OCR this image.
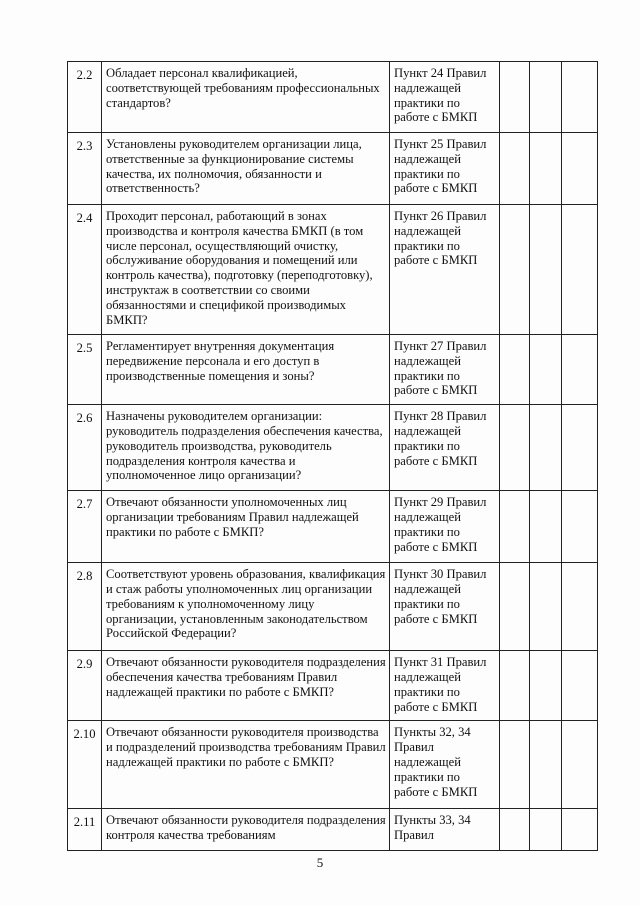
2.2	Обладает персонал квалификацией, соответствующей требованиям профессиональных стандартов?	Пункт 24 Правил надлежащей практики по работе с БМКП			
2.3	Установлены руководителем организации лица, ответственные за функционирование системы качества, их полномочия, обязанности и ответственность?	Пункт 25 Правил надлежащей практики по работе с БМКП			
2.4	Проходит персонал, работающий в зонах производства и контроля качества БМКП (в том числе персонал, осуществляющий очистку, обслуживание оборудования и помещений или контроль качества), подготовку (переподготовку), инструктаж в соответствии со своими обязанностями и спецификой производимых БМКП?	Пункт 26 Правил надлежащей практики по работе с БМКП			
2.5	Регламентирует внутренняя документация передвижение персонала и его доступ в производственные помещения и зоны?	Пункт 27 Правил надлежащей практики по работе с БМКП			
2.6	Назначены руководителем организации: руководитель подразделения обеспечения качества, руководитель производства, руководитель подразделения контроля качества и уполномоченное лицо организации?	Пункт 28 Правил надлежащей практики по работе с БМКП			
2.7	Отвечают обязанности уполномоченных лиц организации требованиям Правил надлежащей практики по работе с БМКП?	Пункт 29 Правил надлежащей практики по работе с БМКП			
2.8	Соответствуют уровень образования, квалификация и стаж работы уполномоченных лиц организации требованиям к уполномоченному лицу организации, установленным законодательством Российской Федерации?	Пункт 30 Правил надлежащей практики по работе с БМКП			
2.9	Отвечают обязанности руководителя подразделения обеспечения качества требованиям Правил надлежащей практики по работе с БМКП?	Пункт 31 Правил надлежащей практики по работе с БМКП			
2.10	Отвечают обязанности руководителя производства и подразделений производства требованиям Правил надлежащей практики по работе с БМКП?	Пункты 32, 34 Правил надлежащей практики по работе с БМКП			
2.11	Отвечают обязанности руководителя подразделения контроля качества требованиям	Пункты 33, 34 Правил			
5
